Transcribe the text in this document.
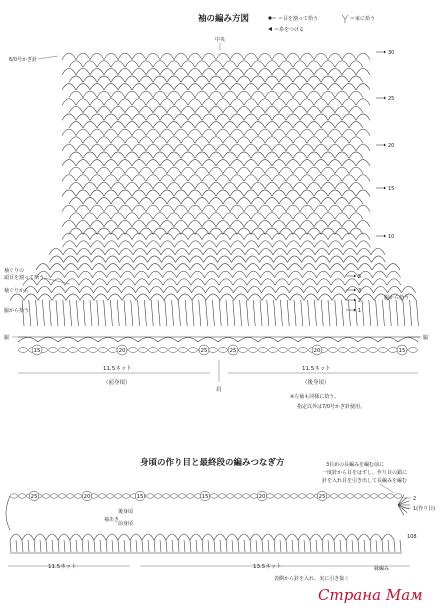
袖の編み方図	＝目を割って拾う	＝束に拾う
＝糸をつける
中央
6/0号かぎ針
15	20	25	25	20	15
30
25
20
15
10
5
3
2
1
袖ぐりの 頭目を割って拾う
袖ぐりから
脇から拾う
脇から拾う
脇	脇
11.5ネット
（前身頃）
肩
11.5ネット
（後身頃）
※左袖も同様に拾う。
指定以外は7/0号かぎ針使用。
身頃の作り目と最終段の編みつなぎ方	3目めの長編みを編む前に
一度針から目をはずし、作り目の鎖に
針を入れ目を引き出して長編みを編む
25	20	15	15	20	25
袖あき
後身頃
前身頃
2
1(作り目)
108
11.5ネット	13.5ネット
表側から針を入れ、実に引き抜く
縁編み
Страна Мам
